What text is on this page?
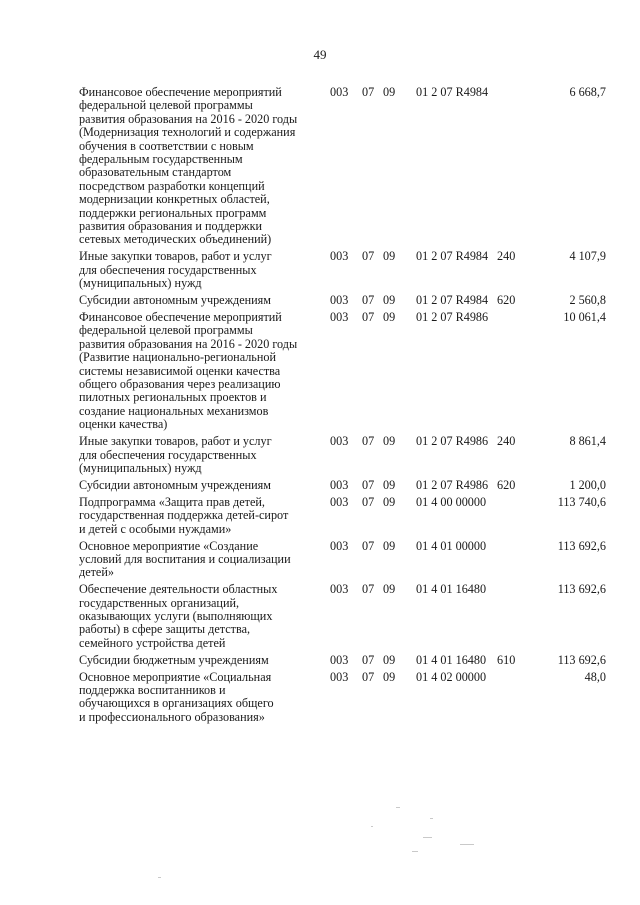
49
Финансовое обеспечение мероприятий
федеральной целевой программы
развития образования на 2016 - 2020 годы
(Модернизация технологий и содержания
обучения в соответствии с новым
федеральным государственным
образовательным стандартом
посредством разработки концепций
модернизации конкретных областей,
поддержки региональных программ
развития образования и поддержки
сетевых методических объединений)
003 07 09 01 2 07 R4984	6 668,7
Иные закупки товаров, работ и услуг
для обеспечения государственных
(муниципальных) нужд
003 07 09 01 2 07 R4984 240	4 107,9
Субсидии автономным учреждениям	003 07 09 01 2 07 R4984 620	2 560,8
Финансовое обеспечение мероприятий
федеральной целевой программы
развития образования на 2016 - 2020 годы
(Развитие национально-региональной
системы независимой оценки качества
общего образования через реализацию
пилотных региональных проектов и
создание национальных механизмов
оценки качества)
003 07 09 01 2 07 R4986	10 061,4
Иные закупки товаров, работ и услуг
для обеспечения государственных
(муниципальных) нужд
003 07 09 01 2 07 R4986 240	8 861,4
Субсидии автономным учреждениям	003 07 09 01 2 07 R4986 620	1 200,0
Подпрограмма «Защита прав детей,
государственная поддержка детей-сирот
и детей с особыми нуждами»
003 07 09 01 4 00 00000	113 740,6
Основное мероприятие «Создание
условий для воспитания и социализации
детей»
003 07 09 01 4 01 00000	113 692,6
Обеспечение деятельности областных
государственных организаций,
оказывающих услуги (выполняющих
работы) в сфере защиты детства,
семейного устройства детей
003 07 09 01 4 01 16480	113 692,6
Субсидии бюджетным учреждениям	003 07 09 01 4 01 16480 610	113 692,6
Основное мероприятие «Социальная
поддержка воспитанников и
обучающихся в организациях общего
и профессионального образования»
003 07 09 01 4 02 00000	48,0
